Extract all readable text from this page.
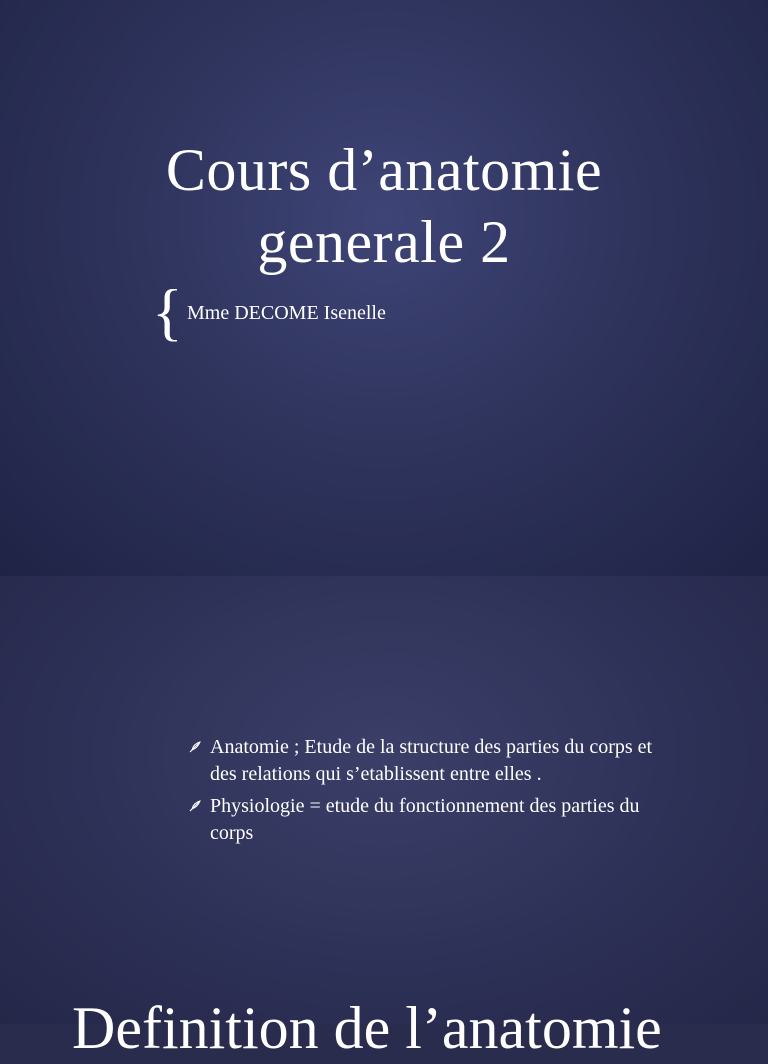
Cours d’anatomie
generale 2
{ Mme DECOME Isenelle
Anatomie ; Etude de la structure des parties du corps et des relations qui s’etablissent entre elles .
Physiologie = etude du fonctionnement des parties du corps
Definition de l’anatomie
